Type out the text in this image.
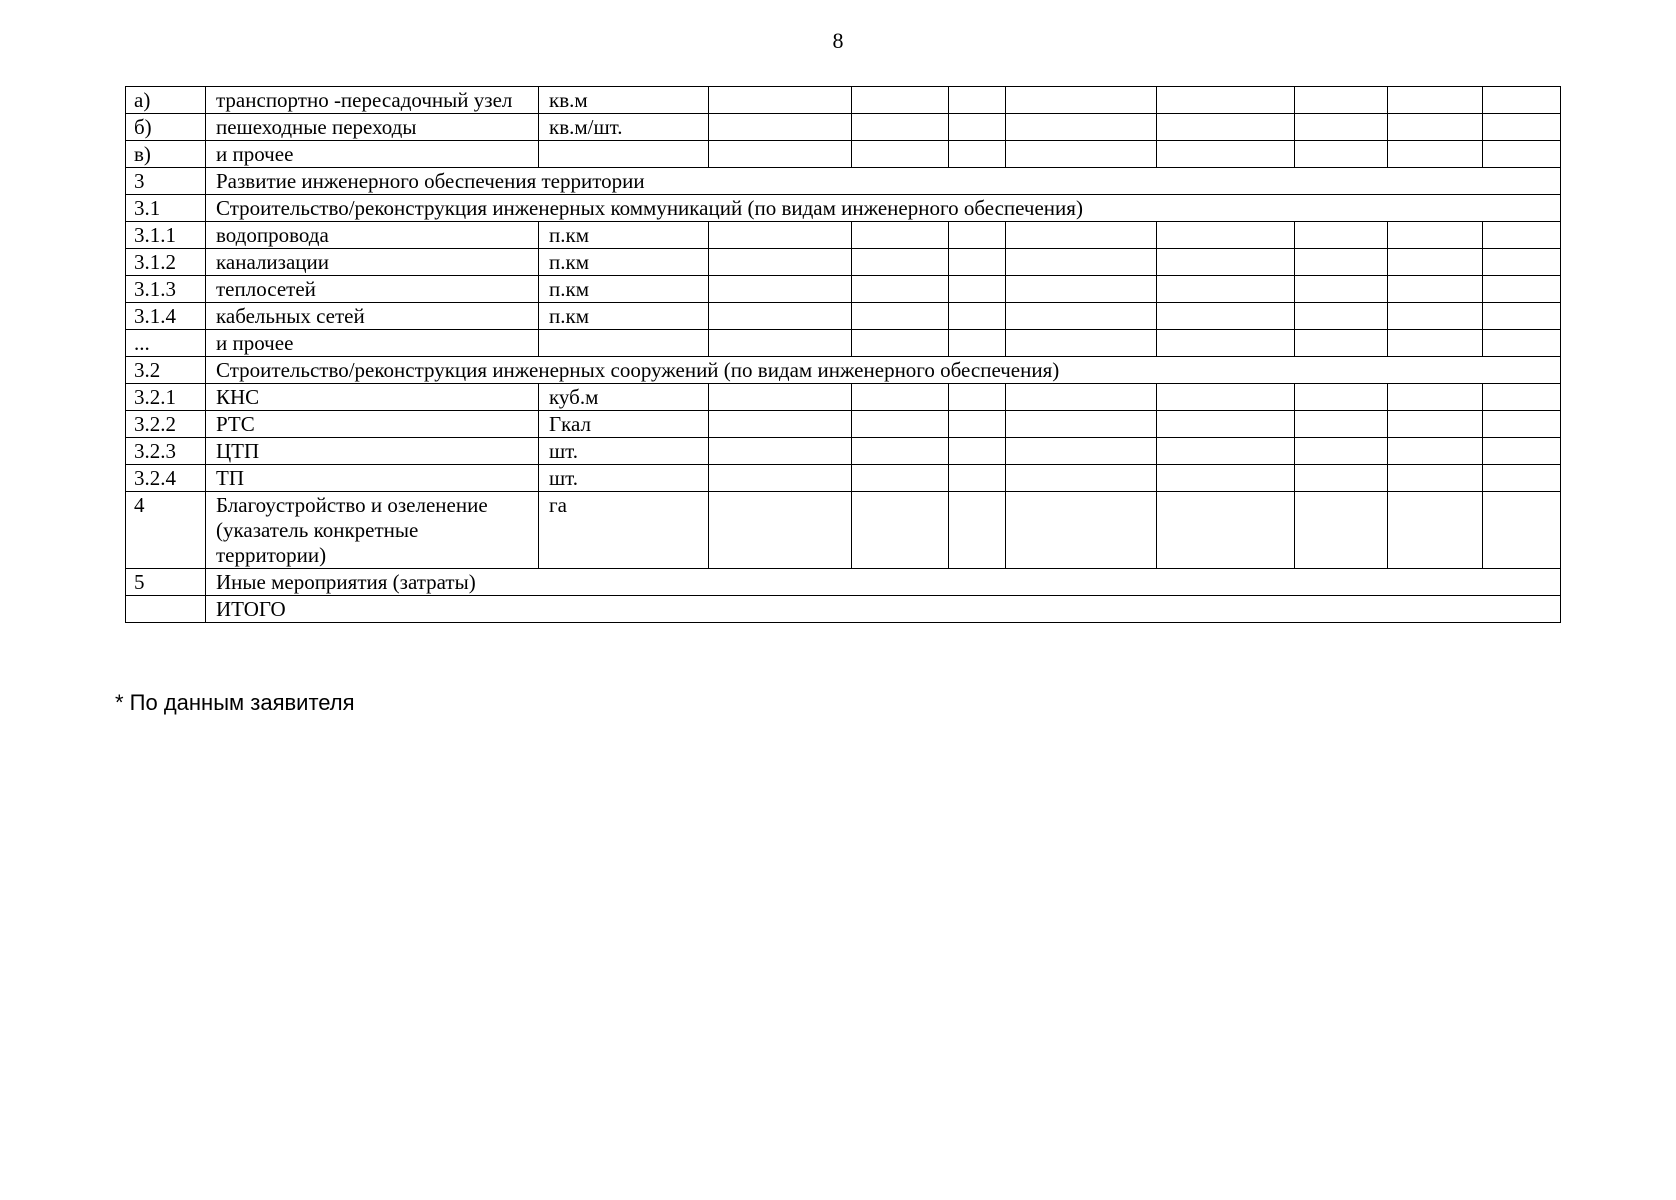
8
а)	транспортно -пересадочный узел	кв.м								
б)	пешеходные переходы	кв.м/шт.								
в)	и прочее									
3	Развитие инженерного обеспечения территории									
3.1	Строительство/реконструкция инженерных коммуникаций (по видам инженерного обеспечения)									
3.1.1	водопровода	п.км								
3.1.2	канализации	п.км								
3.1.3	теплосетей	п.км								
3.1.4	кабельных сетей	п.км								
...	и прочее									
3.2	Строительство/реконструкция инженерных сооружений (по видам инженерного обеспечения)									
3.2.1	КНС	куб.м								
3.2.2	РТС	Гкал								
3.2.3	ЦТП	шт.								
3.2.4	ТП	шт.								
4	Благоустройство и озеленение (указатель конкретные территории)	га								
5	Иные мероприятия (затраты)									
	ИТОГО									
* По данным заявителя
